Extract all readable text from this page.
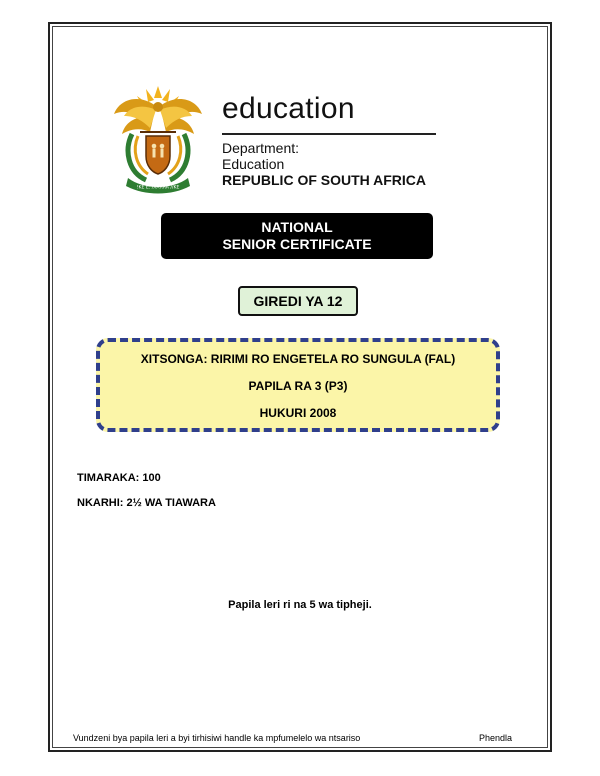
!KE E: /XARRA //KE
education
Department:
Education
REPUBLIC OF SOUTH AFRICA
NATIONAL
SENIOR CERTIFICATE
GIREDI YA 12
XITSONGA: RIRIMI RO ENGETELA RO SUNGULA (FAL)
PAPILA RA 3 (P3)
HUKURI 2008
TIMARAKA: 100
NKARHI: 2½ WA TIAWARA
Papila leri ri na 5 wa tipheji.
Vundzeni bya papila leri a byi tirhisiwi handle ka mpfumelelo wa ntsariso	Phendla
